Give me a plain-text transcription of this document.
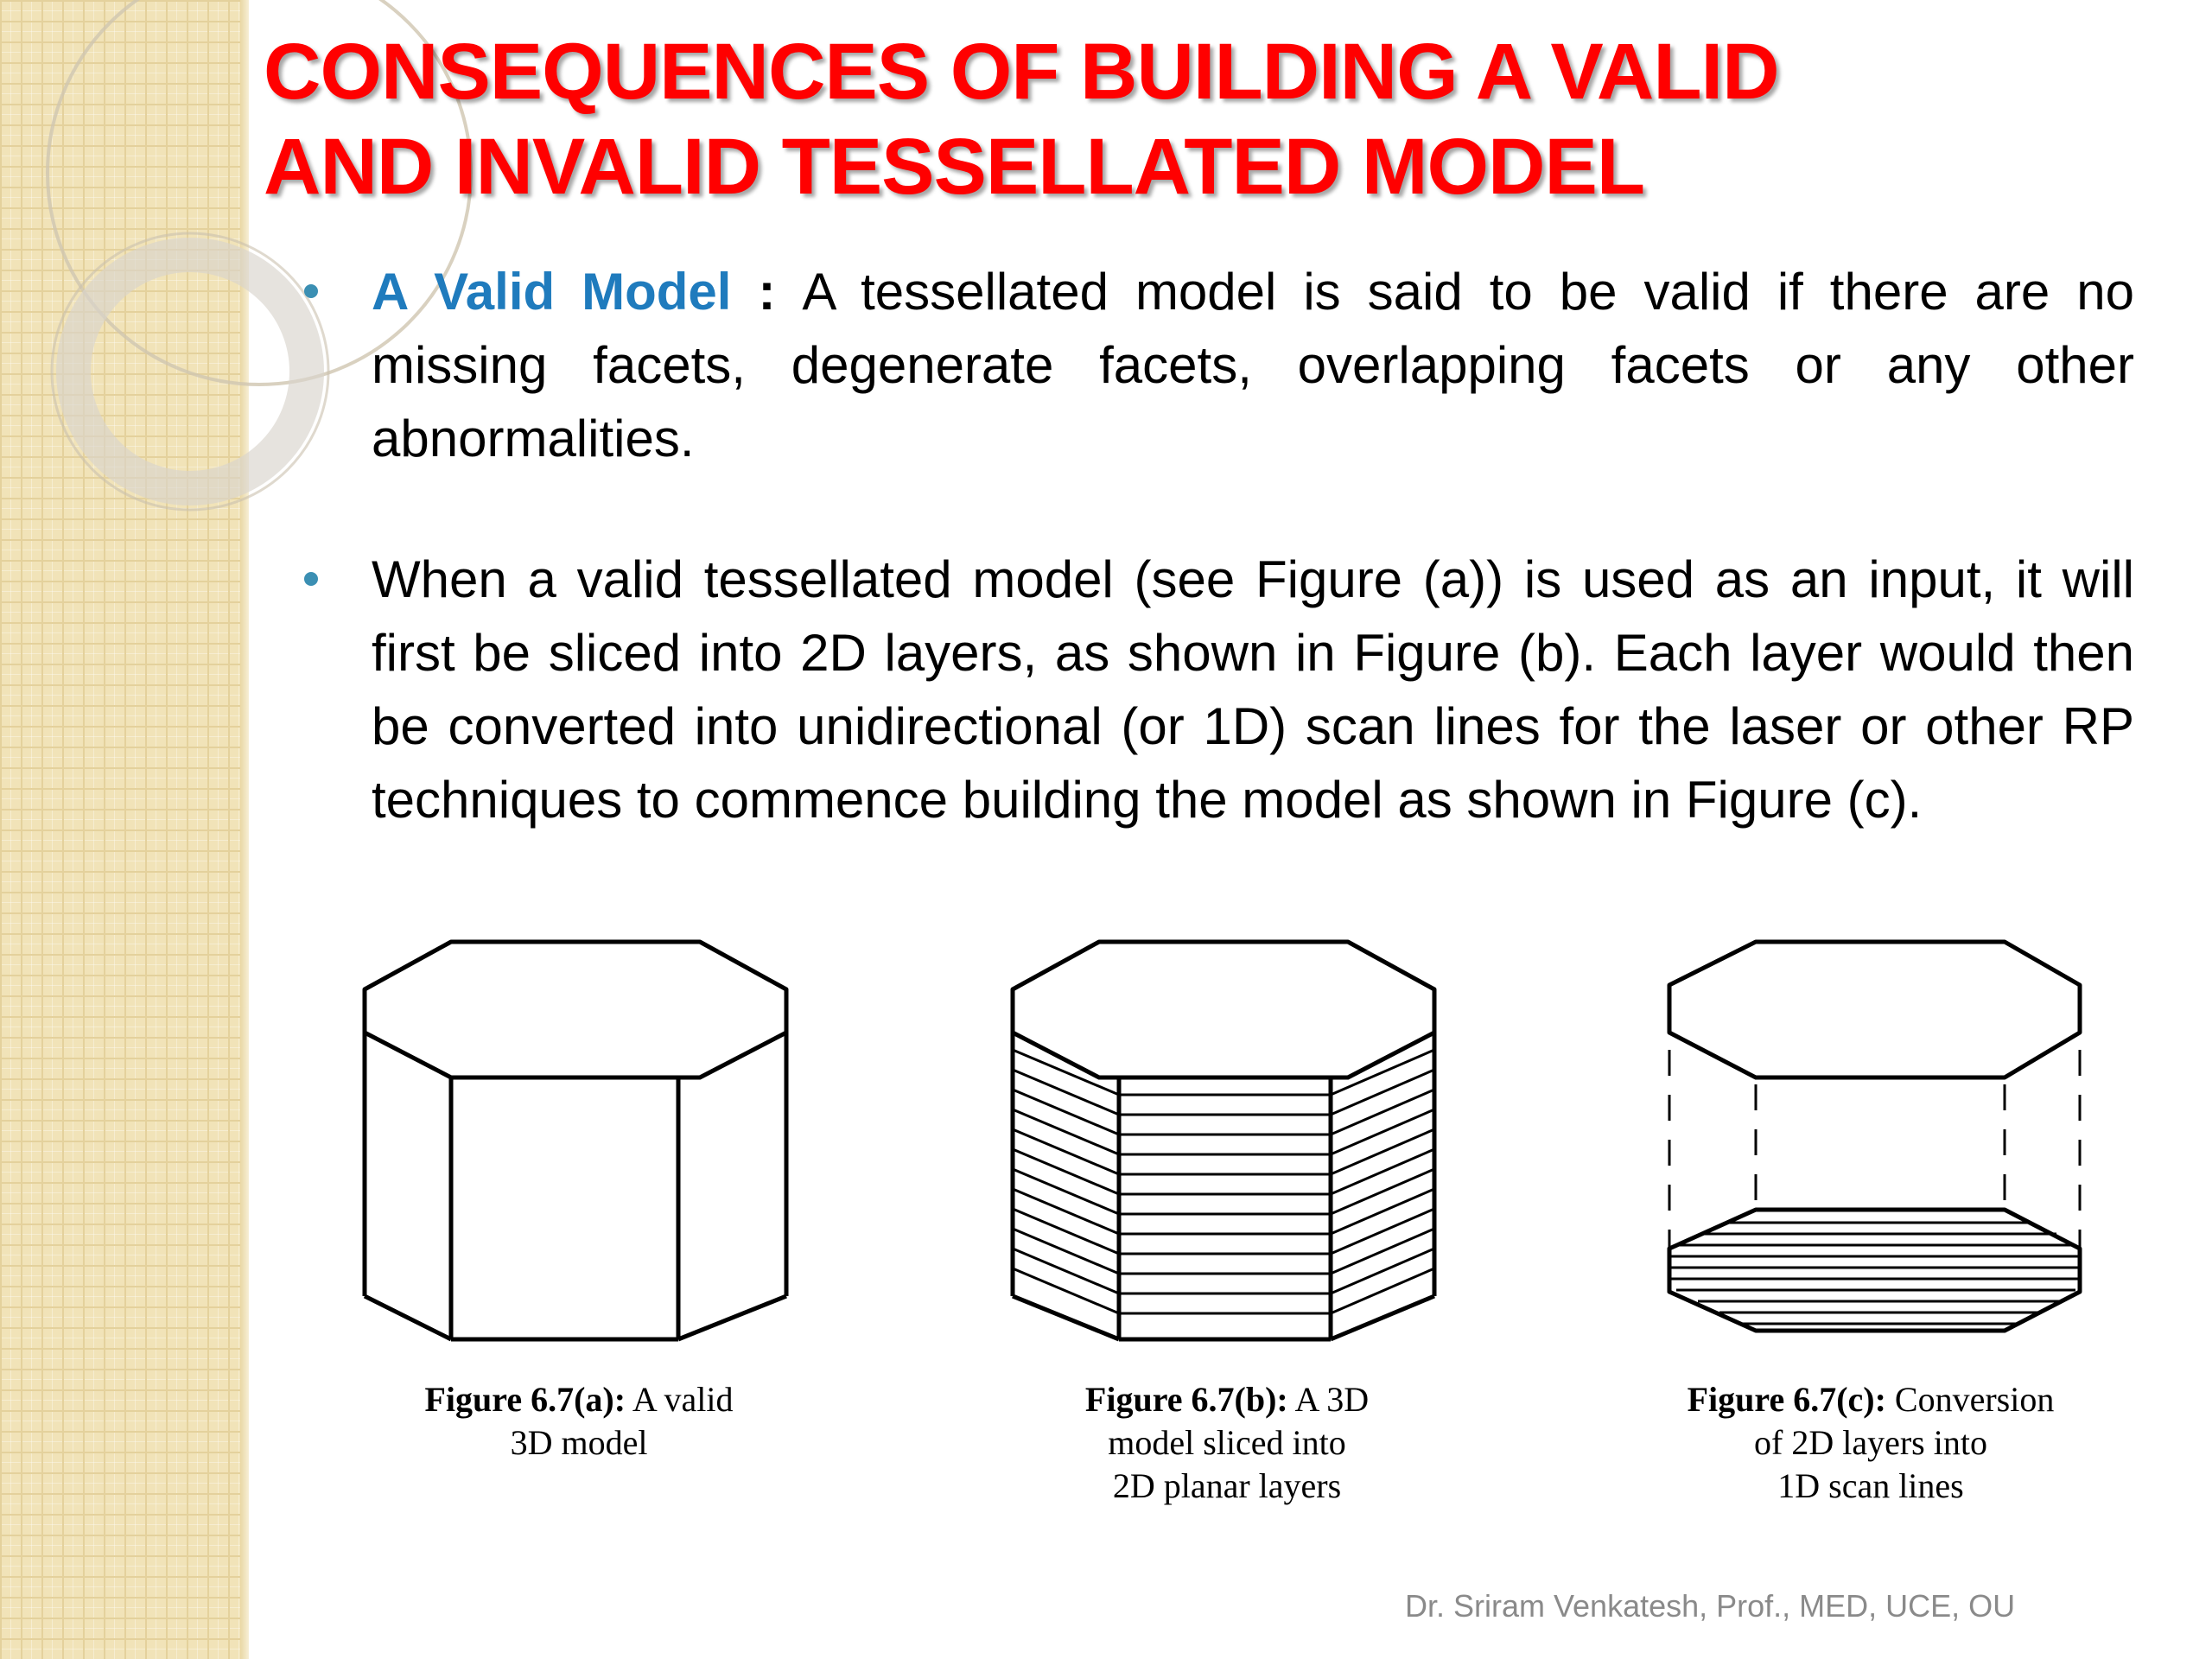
CONSEQUENCES OF BUILDING A VALID
AND INVALID TESSELLATED MODEL
A Valid Model : A tessellated model is said to be valid if there are no missing facets, degenerate facets, overlapping facets or any other abnormalities.
When a valid tessellated model (see Figure (a)) is used as an input, it will first be sliced into 2D layers, as shown in Figure (b). Each layer would then be converted into unidirectional (or 1D) scan lines for the laser or other RP techniques to commence building the model as shown in Figure (c).
Figure 6.7(a): A valid
3D model
Figure 6.7(b): A 3D
model sliced into
2D planar layers
Figure 6.7(c): Conversion
of 2D layers into
1D scan lines
Dr. Sriram Venkatesh, Prof., MED, UCE, OU
